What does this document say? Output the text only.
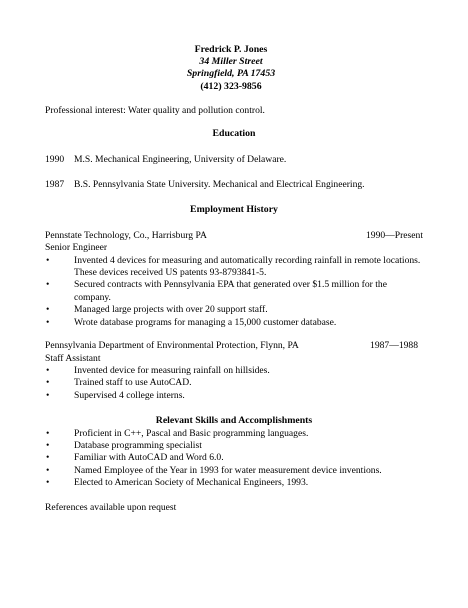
Fredrick P. Jones
34 Miller Street
Springfield, PA 17453
(412) 323-9856
Professional interest: Water quality and pollution control.
Education
1990	M.S. Mechanical Engineering, University of Delaware.
1987	B.S. Pennsylvania State University. Mechanical and Electrical Engineering.
Employment History
Pennstate Technology, Co., Harrisburg PA	1990—Present
Senior Engineer
•	Invented 4 devices for measuring and automatically recording rainfall in remote locations. These devices received US patents 93-8793841-5.
•	Secured contracts with Pennsylvania EPA that generated over $1.5 million for the company.
•	Managed large projects with over 20 support staff.
•	Wrote database programs for managing a 15,000 customer database.
Pennsylvania Department of Environmental Protection, Flynn, PA	1987—1988
Staff Assistant
•	Invented device for measuring rainfall on hillsides.
•	Trained staff to use AutoCAD.
•	Supervised 4 college interns.
Relevant Skills and Accomplishments
•	Proficient in C++, Pascal and Basic programming languages.
•	Database programming specialist
•	Familiar with AutoCAD and Word 6.0.
•	Named Employee of the Year in 1993 for water measurement device inventions.
•	Elected to American Society of Mechanical Engineers, 1993.
References available upon request
